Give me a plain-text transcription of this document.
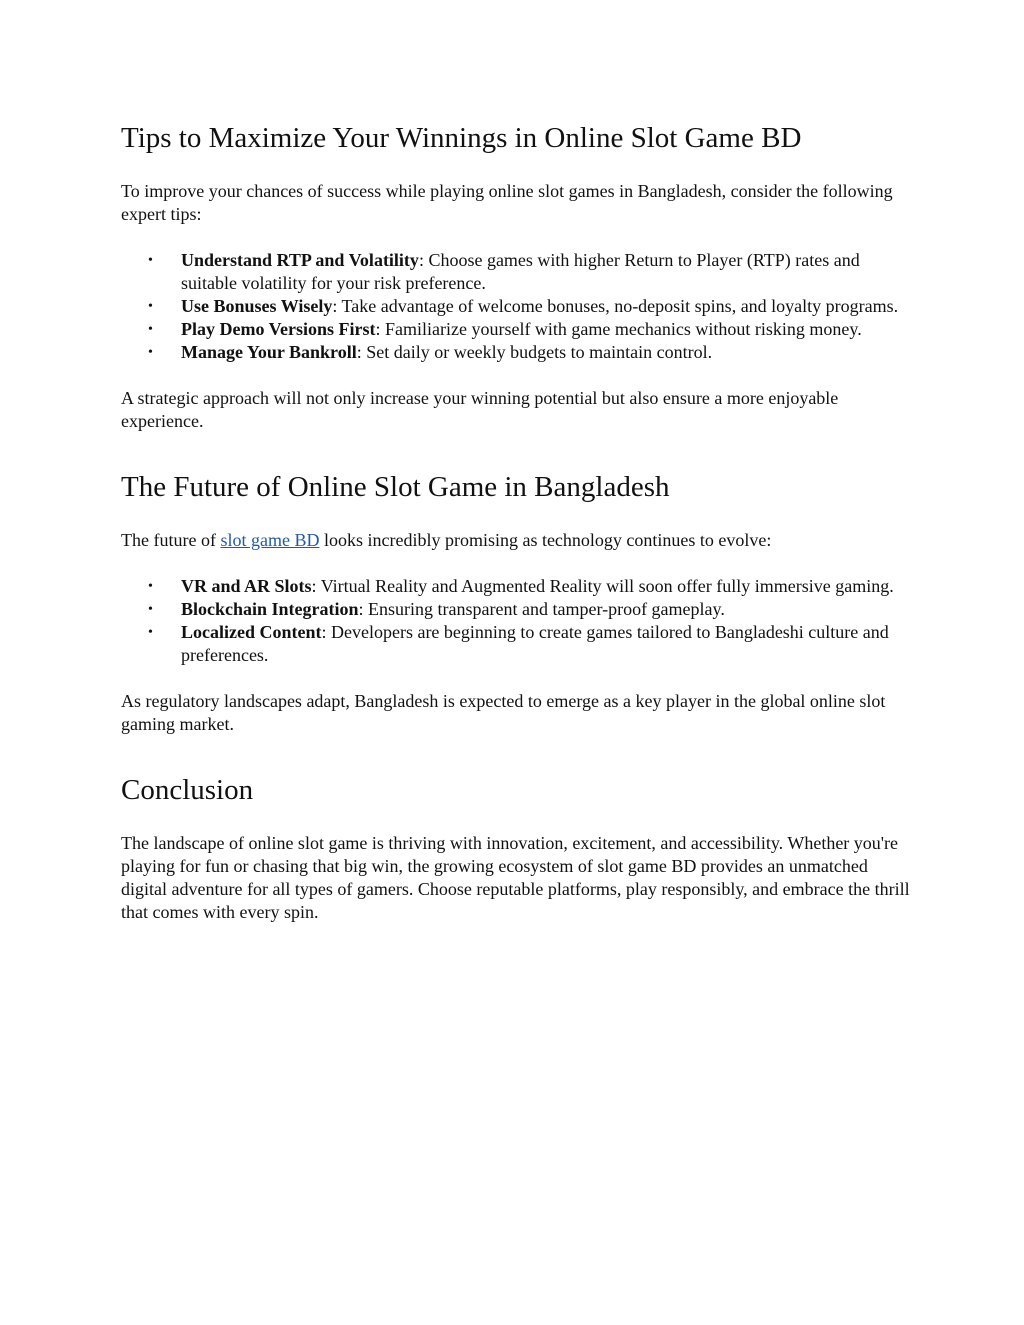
Tips to Maximize Your Winnings in Online Slot Game BD

To improve your chances of success while playing online slot games in Bangladesh, consider the following expert tips:

• Understand RTP and Volatility: Choose games with higher Return to Player (RTP) rates and suitable volatility for your risk preference.
• Use Bonuses Wisely: Take advantage of welcome bonuses, no-deposit spins, and loyalty programs.
• Play Demo Versions First: Familiarize yourself with game mechanics without risking money.
• Manage Your Bankroll: Set daily or weekly budgets to maintain control.

A strategic approach will not only increase your winning potential but also ensure a more enjoyable experience.

The Future of Online Slot Game in Bangladesh

The future of slot game BD looks incredibly promising as technology continues to evolve:

• VR and AR Slots: Virtual Reality and Augmented Reality will soon offer fully immersive gaming.
• Blockchain Integration: Ensuring transparent and tamper-proof gameplay.
• Localized Content: Developers are beginning to create games tailored to Bangladeshi culture and preferences.

As regulatory landscapes adapt, Bangladesh is expected to emerge as a key player in the global online slot gaming market.

Conclusion

The landscape of online slot game is thriving with innovation, excitement, and accessibility. Whether you're playing for fun or chasing that big win, the growing ecosystem of slot game BD provides an unmatched digital adventure for all types of gamers. Choose reputable platforms, play responsibly, and embrace the thrill that comes with every spin.
